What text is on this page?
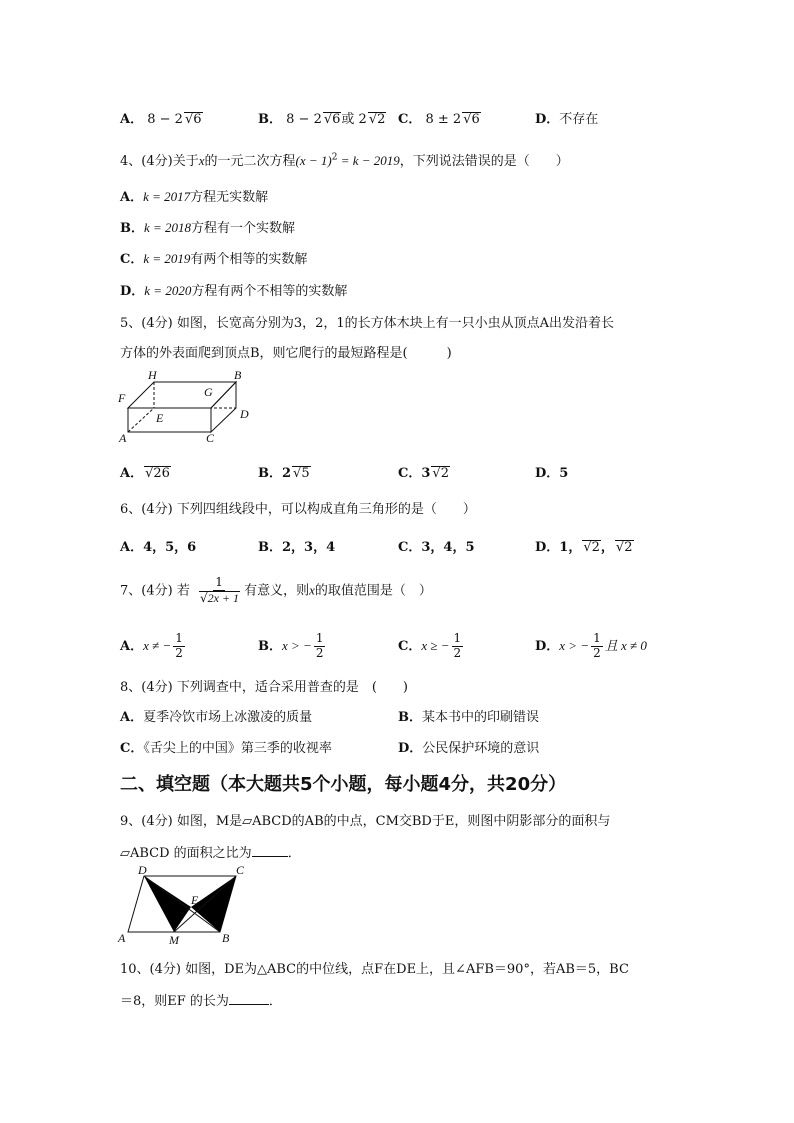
A． 8 − 2 √ 6	B． 8 − 2 √ 6或 2 √ 2 C． 8 ± 2 √ 6	D．不存在
4、(4分)关于x的一元二次方程$(x - 1)^2 = k - 2019$，下列说法错误的是（　　）
A．k = 2017方程无实数解
B．k = 2018方程有一个实数解
C．k = 2019有两个相等的实数解
D．k = 2020方程有两个不相等的实数解
5、(4分) 如图，长宽高分别为3，2，1的长方体木块上有一只小虫从顶点A出发沿着长
方体的外表面爬到顶点B，则它爬行的最短路程是(　　　)
H	B
F	G
D
E
A	C
A． √ 26	B．2 √ 5	C．3 √ 2	D．5
6、(4分) 下列四组线段中，可以构成直角三角形的是（　　）
A．4，5，6	B．2，3，4	C．3，4，5	D．1， √ 2， √ 2
7、(4分) 若 1
√ 2x + 1 有意义，则x的取值范围是（　）
A．x ≠ − $\frac{1}{2}$	B．x > − $\frac{1}{2}$	C．x ≥ − $\frac{1}{2}$	D．x > − $\frac{1}{2}$ 且 x ≠ 0
8、(4分) 下列调查中，适合采用普查的是　(　　)
A．夏季冷饮市场上冰激凌的质量	B．某本书中的印刷错误
C．《舌尖上的中国》第三季的收视率	D．公民保护环境的意识
二、填空题（本大题共5个小题，每小题4分，共20分）
9、(4分) 如图，M是▱ABCD的AB的中点，CM交BD于E，则图中阴影部分的面积与
▱ABCD 的面积之比为	．
D	C
E
A	M	B
10、(4分) 如图，DE为△ABC的中位线，点F在DE上，且∠AFB＝90°，若AB＝5，BC
＝8，则EF 的长为	．
